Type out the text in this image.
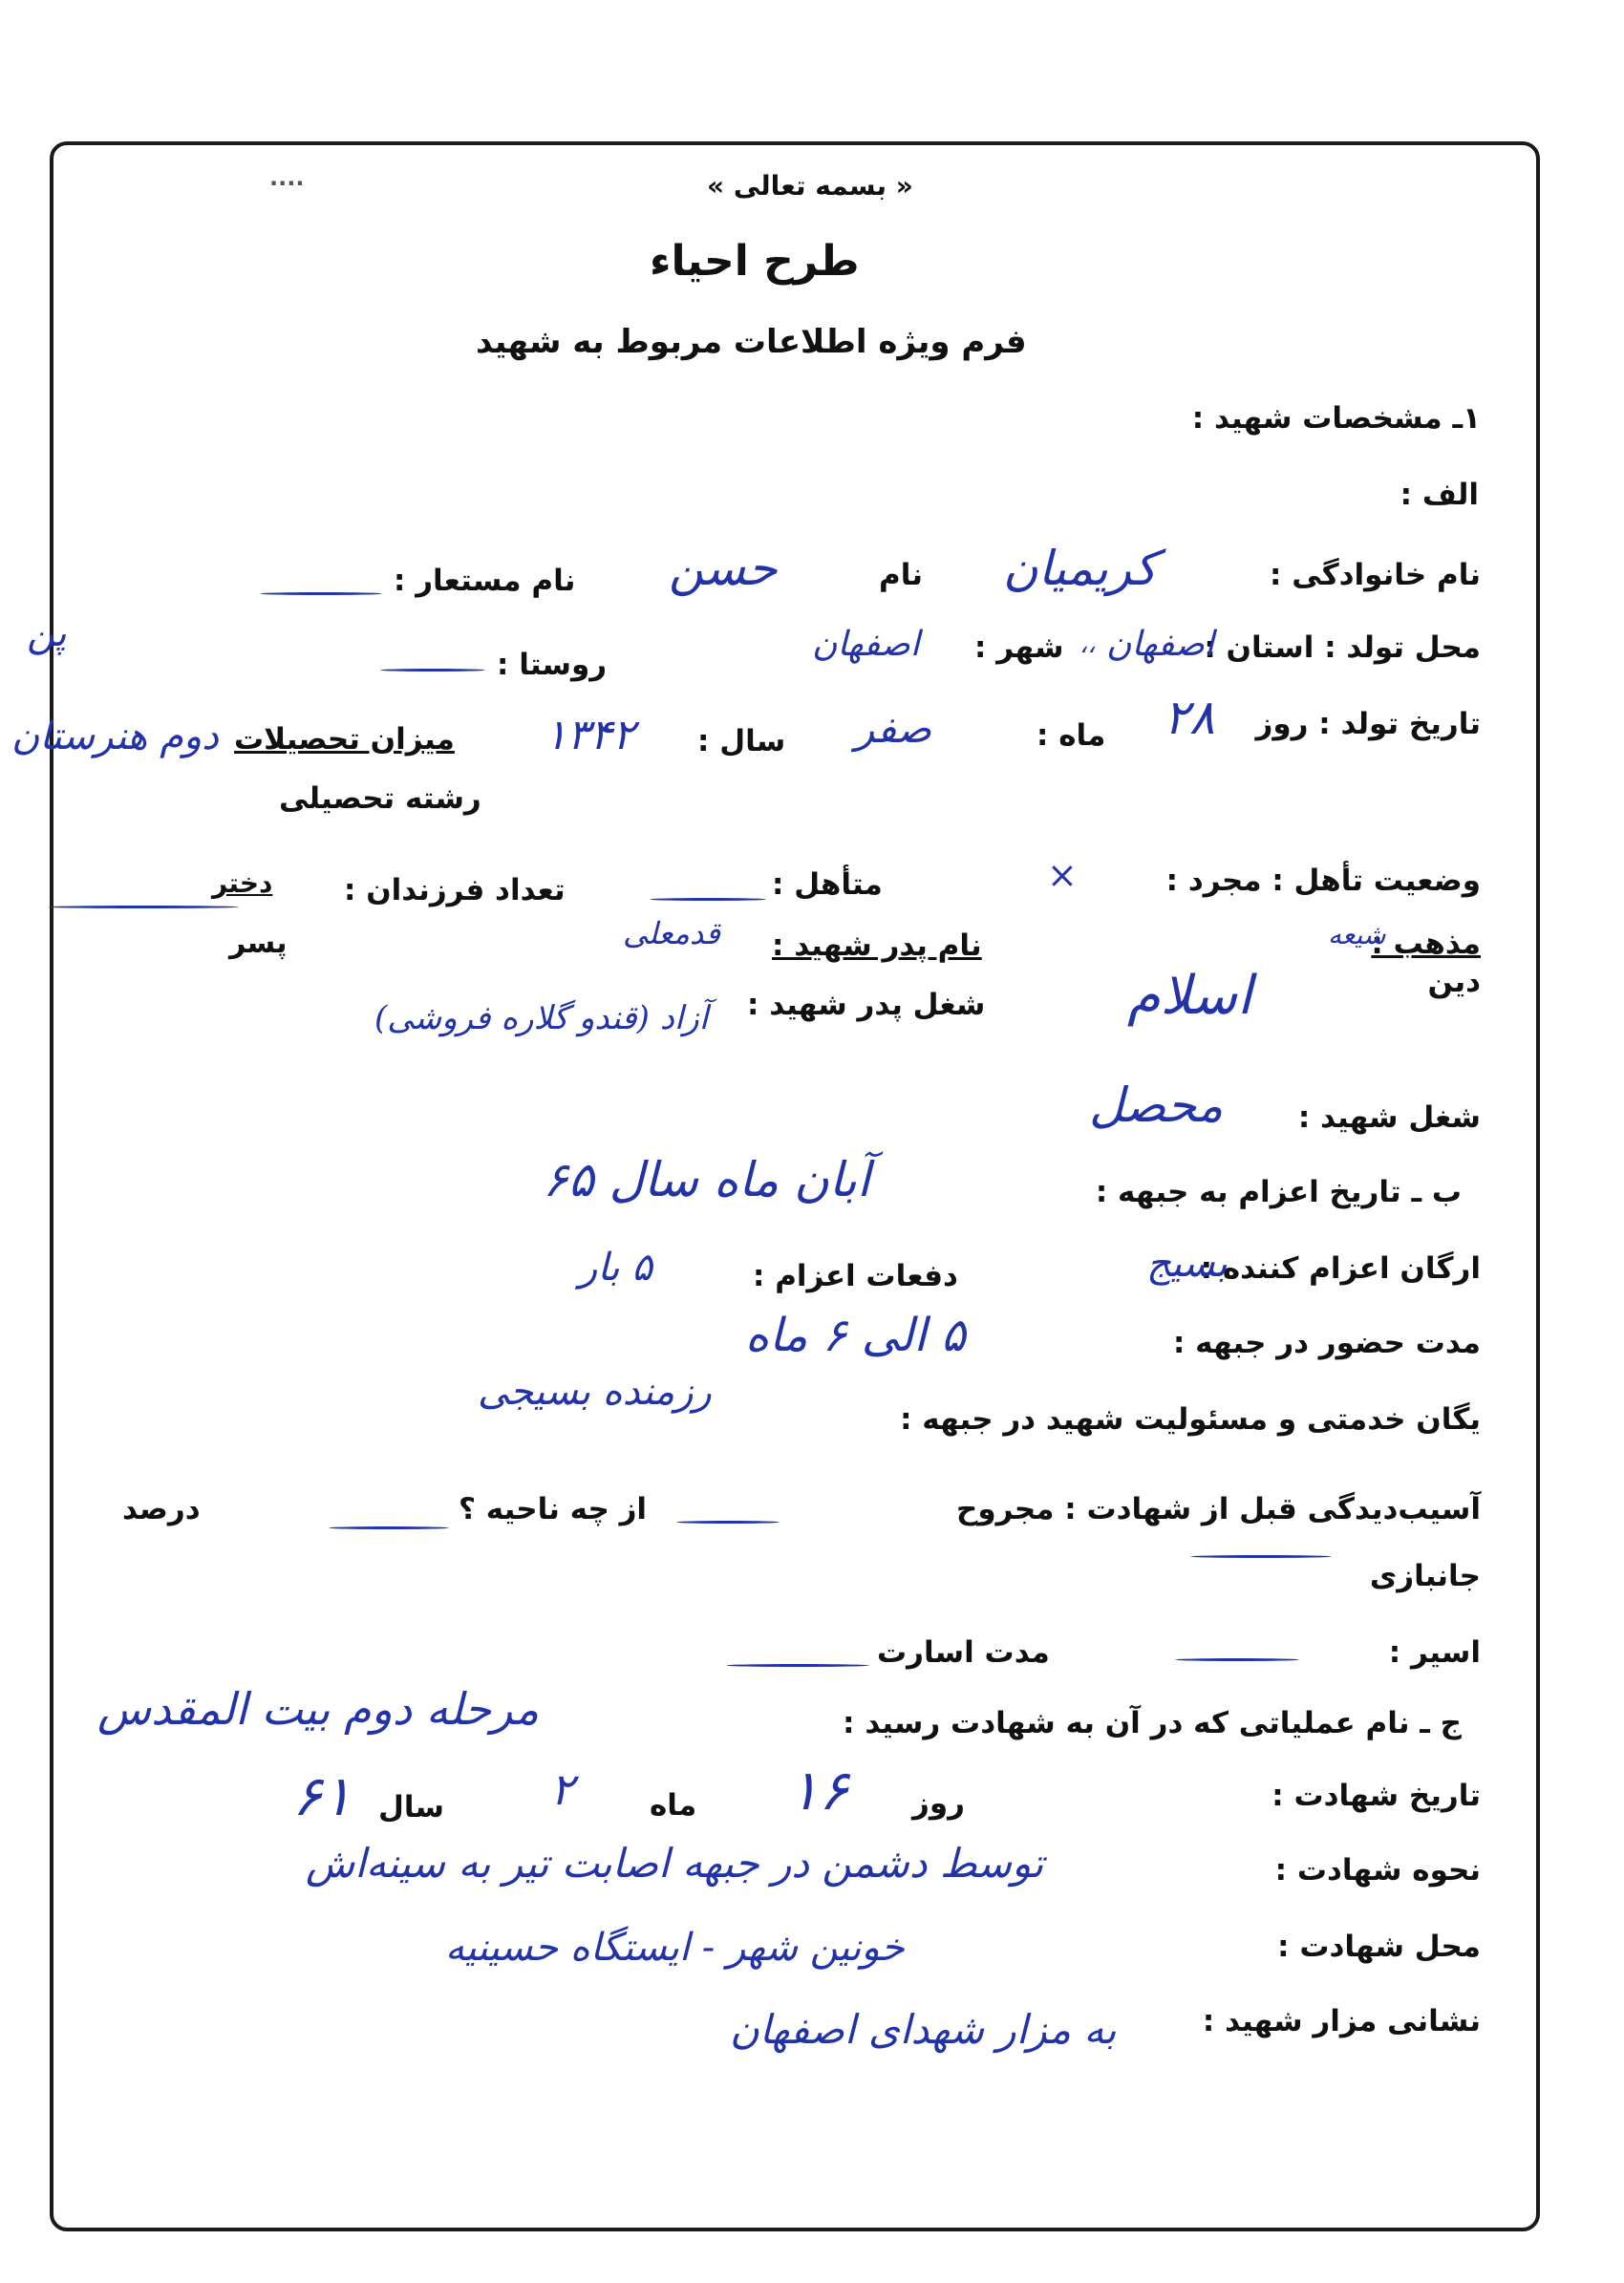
« بسمه تعالی »
....
طرح احیاء
فرم ویژه اطلاعات مربوط به شهید
۱ـ مشخصات شهید :
الف :
نام خانوادگی :
کریمیان
نام
حسن
نام مستعار :
محل تولد : استان :
اصفهان
،،
شهر :
اصفهان
روستا :
پن
تاریخ تولد : روز
۲۸
ماه :
صفر
سال :
۱۳۴۲
میزان تحصیلات
دوم هنرستان
رشته تحصیلی
وضعیت تأهل : مجرد :
×
متأهل :
تعداد فرزندان :
دختر
پسر	مذهب :
شیعه
دین
اسلام
نام پدر شهید :
قدمعلی
شغل پدر شهید :
آزاد (قندو گلاره فروشی)
شغل شهید :
محصل
ب ـ تاریخ اعزام به جبهه :
آبان ماه سال ۶۵
ارگان اعزام کننده :
بسیج
دفعات اعزام :
۵ بار
مدت حضور در جبهه :
۵ الی ۶ ماه
یگان خدمتی و مسئولیت شهید در جبهه :
رزمنده بسیجی
آسیب‌دیدگی قبل از شهادت : مجروح
از چه ناحیه ؟
درصد
جانبازی
اسیر :
مدت اسارت
ج ـ نام عملیاتی که در آن به شهادت رسید :
مرحله دوم بیت المقدس
تاریخ شهادت :
روز
۱۶
ماه
۲
سال
۶۱
نحوه شهادت :
توسط دشمن در جبهه اصابت تیر به سینه‌اش
محل شهادت :
خونین شهر - ایستگاه حسینیه
نشانی مزار شهید :
به مزار شهدای اصفهان
